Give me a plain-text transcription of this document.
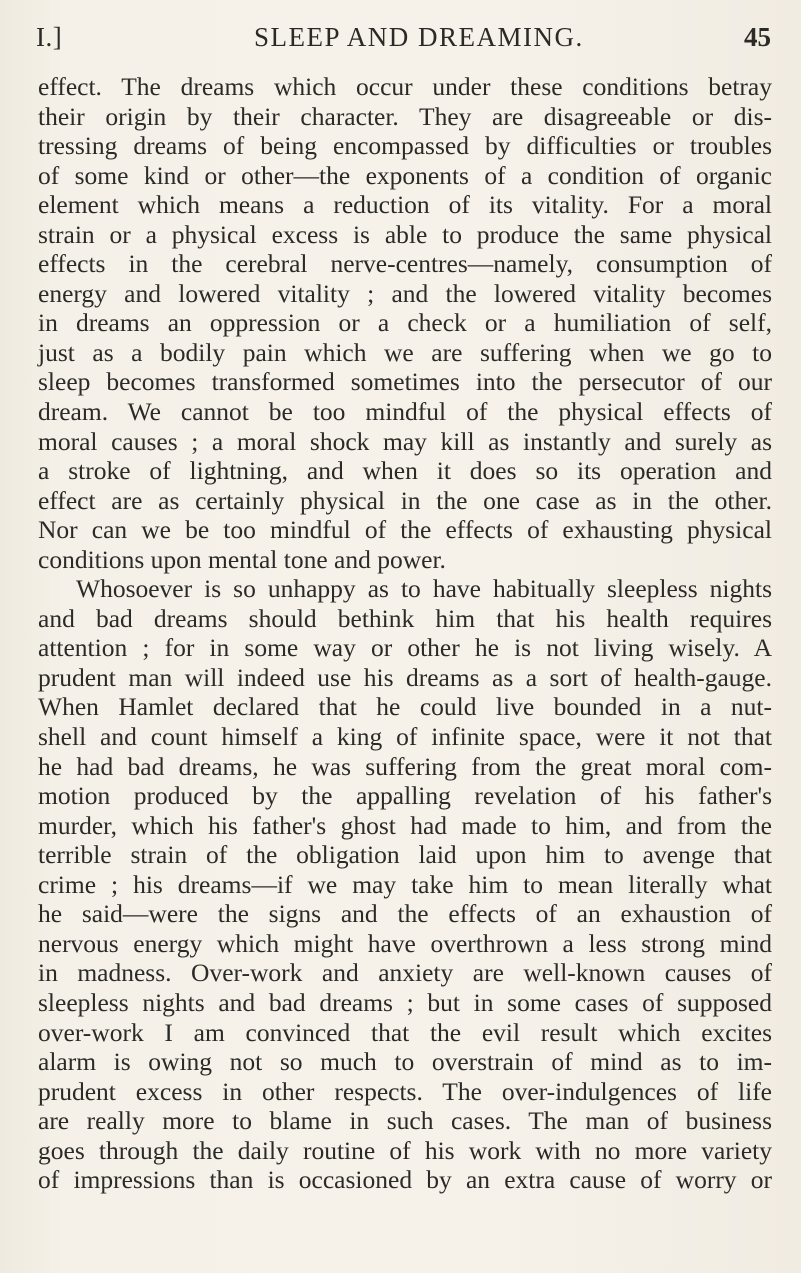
I.]	SLEEP AND DREAMING.	45
effect. The dreams which occur under these conditions betray
their origin by their character. They are disagreeable or dis-
tressing dreams of being encompassed by difficulties or troubles
of some kind or other—the exponents of a condition of organic
element which means a reduction of its vitality. For a moral
strain or a physical excess is able to produce the same physical
effects in the cerebral nerve-centres—namely, consumption of
energy and lowered vitality ; and the lowered vitality becomes
in dreams an oppression or a check or a humiliation of self,
just as a bodily pain which we are suffering when we go to
sleep becomes transformed sometimes into the persecutor of our
dream. We cannot be too mindful of the physical effects of
moral causes ; a moral shock may kill as instantly and surely as
a stroke of lightning, and when it does so its operation and
effect are as certainly physical in the one case as in the other.
Nor can we be too mindful of the effects of exhausting physical
conditions upon mental tone and power.
Whosoever is so unhappy as to have habitually sleepless nights
and bad dreams should bethink him that his health requires
attention ; for in some way or other he is not living wisely. A
prudent man will indeed use his dreams as a sort of health-gauge.
When Hamlet declared that he could live bounded in a nut-
shell and count himself a king of infinite space, were it not that
he had bad dreams, he was suffering from the great moral com-
motion produced by the appalling revelation of his father's
murder, which his father's ghost had made to him, and from the
terrible strain of the obligation laid upon him to avenge that
crime ; his dreams—if we may take him to mean literally what
he said—were the signs and the effects of an exhaustion of
nervous energy which might have overthrown a less strong mind
in madness. Over-work and anxiety are well-known causes of
sleepless nights and bad dreams ; but in some cases of supposed
over-work I am convinced that the evil result which excites
alarm is owing not so much to overstrain of mind as to im-
prudent excess in other respects. The over-indulgences of life
are really more to blame in such cases. The man of business
goes through the daily routine of his work with no more variety
of impressions than is occasioned by an extra cause of worry or
